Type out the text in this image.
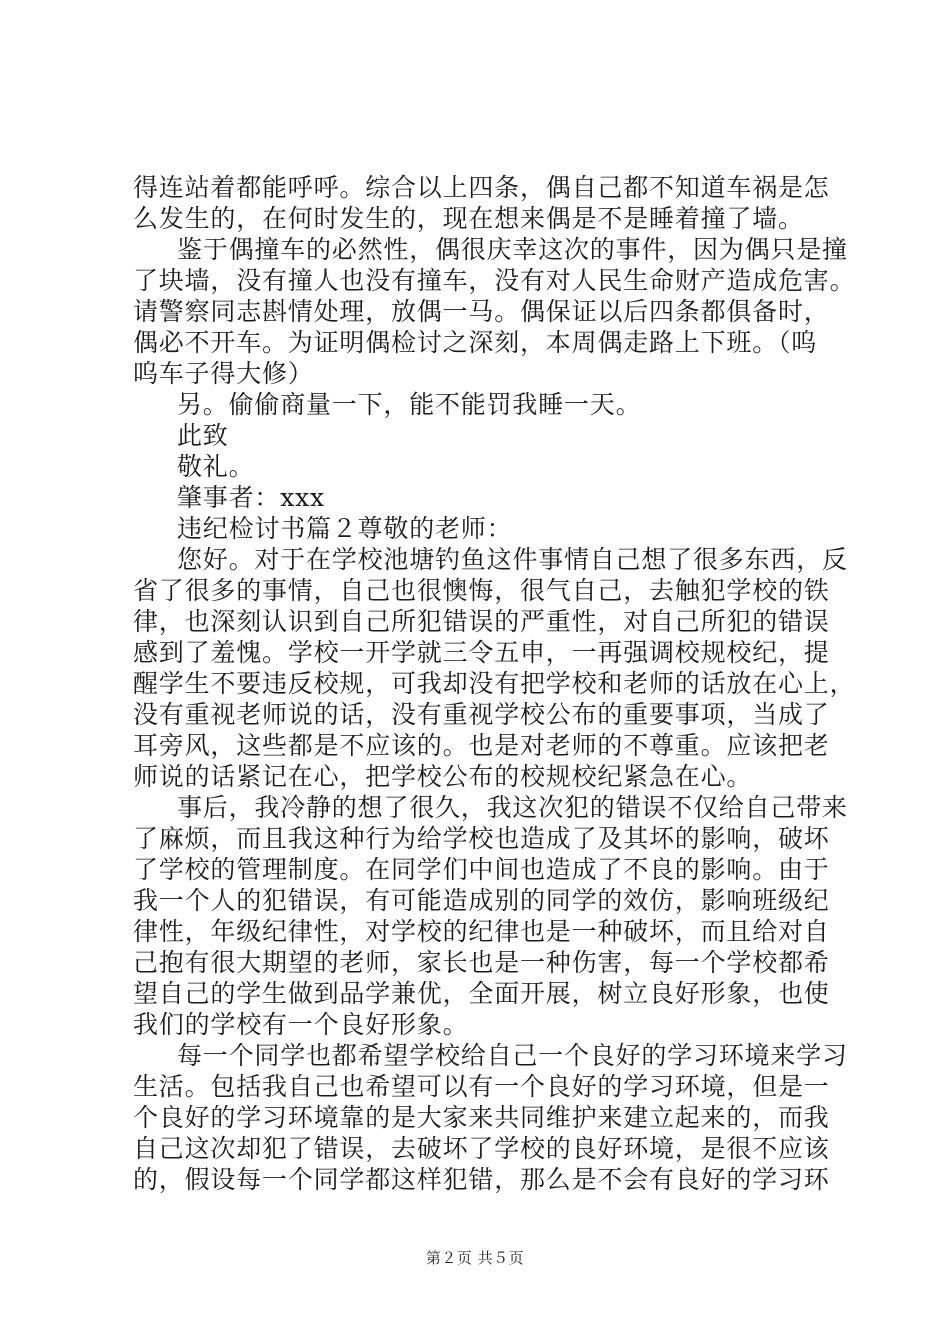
得连站着都能呼呼。综合以上四条，偶自己都不知道车祸是怎
么发生的，在何时发生的，现在想来偶是不是睡着撞了墙。
鉴于偶撞车的必然性，偶很庆幸这次的事件，因为偶只是撞
了块墙，没有撞人也没有撞车，没有对人民生命财产造成危害。
请警察同志斟情处理，放偶一马。偶保证以后四条都俱备时，
偶必不开车。为证明偶检讨之深刻，本周偶走路上下班。（呜
呜车子得大修）
另。偷偷商量一下，能不能罚我睡一天。
此致
敬礼。
肇事者：xxx
违纪检讨书篇２尊敬的老师：
您好。对于在学校池塘钓鱼这件事情自己想了很多东西，反
省了很多的事情，自己也很懊悔，很气自己，去触犯学校的铁
律，也深刻认识到自己所犯错误的严重性，对自己所犯的错误
感到了羞愧。学校一开学就三令五申，一再强调校规校纪，提
醒学生不要违反校规，可我却没有把学校和老师的话放在心上，
没有重视老师说的话，没有重视学校公布的重要事项，当成了
耳旁风，这些都是不应该的。也是对老师的不尊重。应该把老
师说的话紧记在心，把学校公布的校规校纪紧急在心。
事后，我冷静的想了很久，我这次犯的错误不仅给自己带来
了麻烦，而且我这种行为给学校也造成了及其坏的影响，破坏
了学校的管理制度。在同学们中间也造成了不良的影响。由于
我一个人的犯错误，有可能造成别的同学的效仿，影响班级纪
律性，年级纪律性，对学校的纪律也是一种破坏，而且给对自
己抱有很大期望的老师，家长也是一种伤害，每一个学校都希
望自己的学生做到品学兼优，全面开展，树立良好形象，也使
我们的学校有一个良好形象。
每一个同学也都希望学校给自己一个良好的学习环境来学习
生活。包括我自己也希望可以有一个良好的学习环境，但是一
个良好的学习环境靠的是大家来共同维护来建立起来的，而我
自己这次却犯了错误，去破坏了学校的良好环境，是很不应该
的，假设每一个同学都这样犯错，那么是不会有良好的学习环
第２页 共５页
